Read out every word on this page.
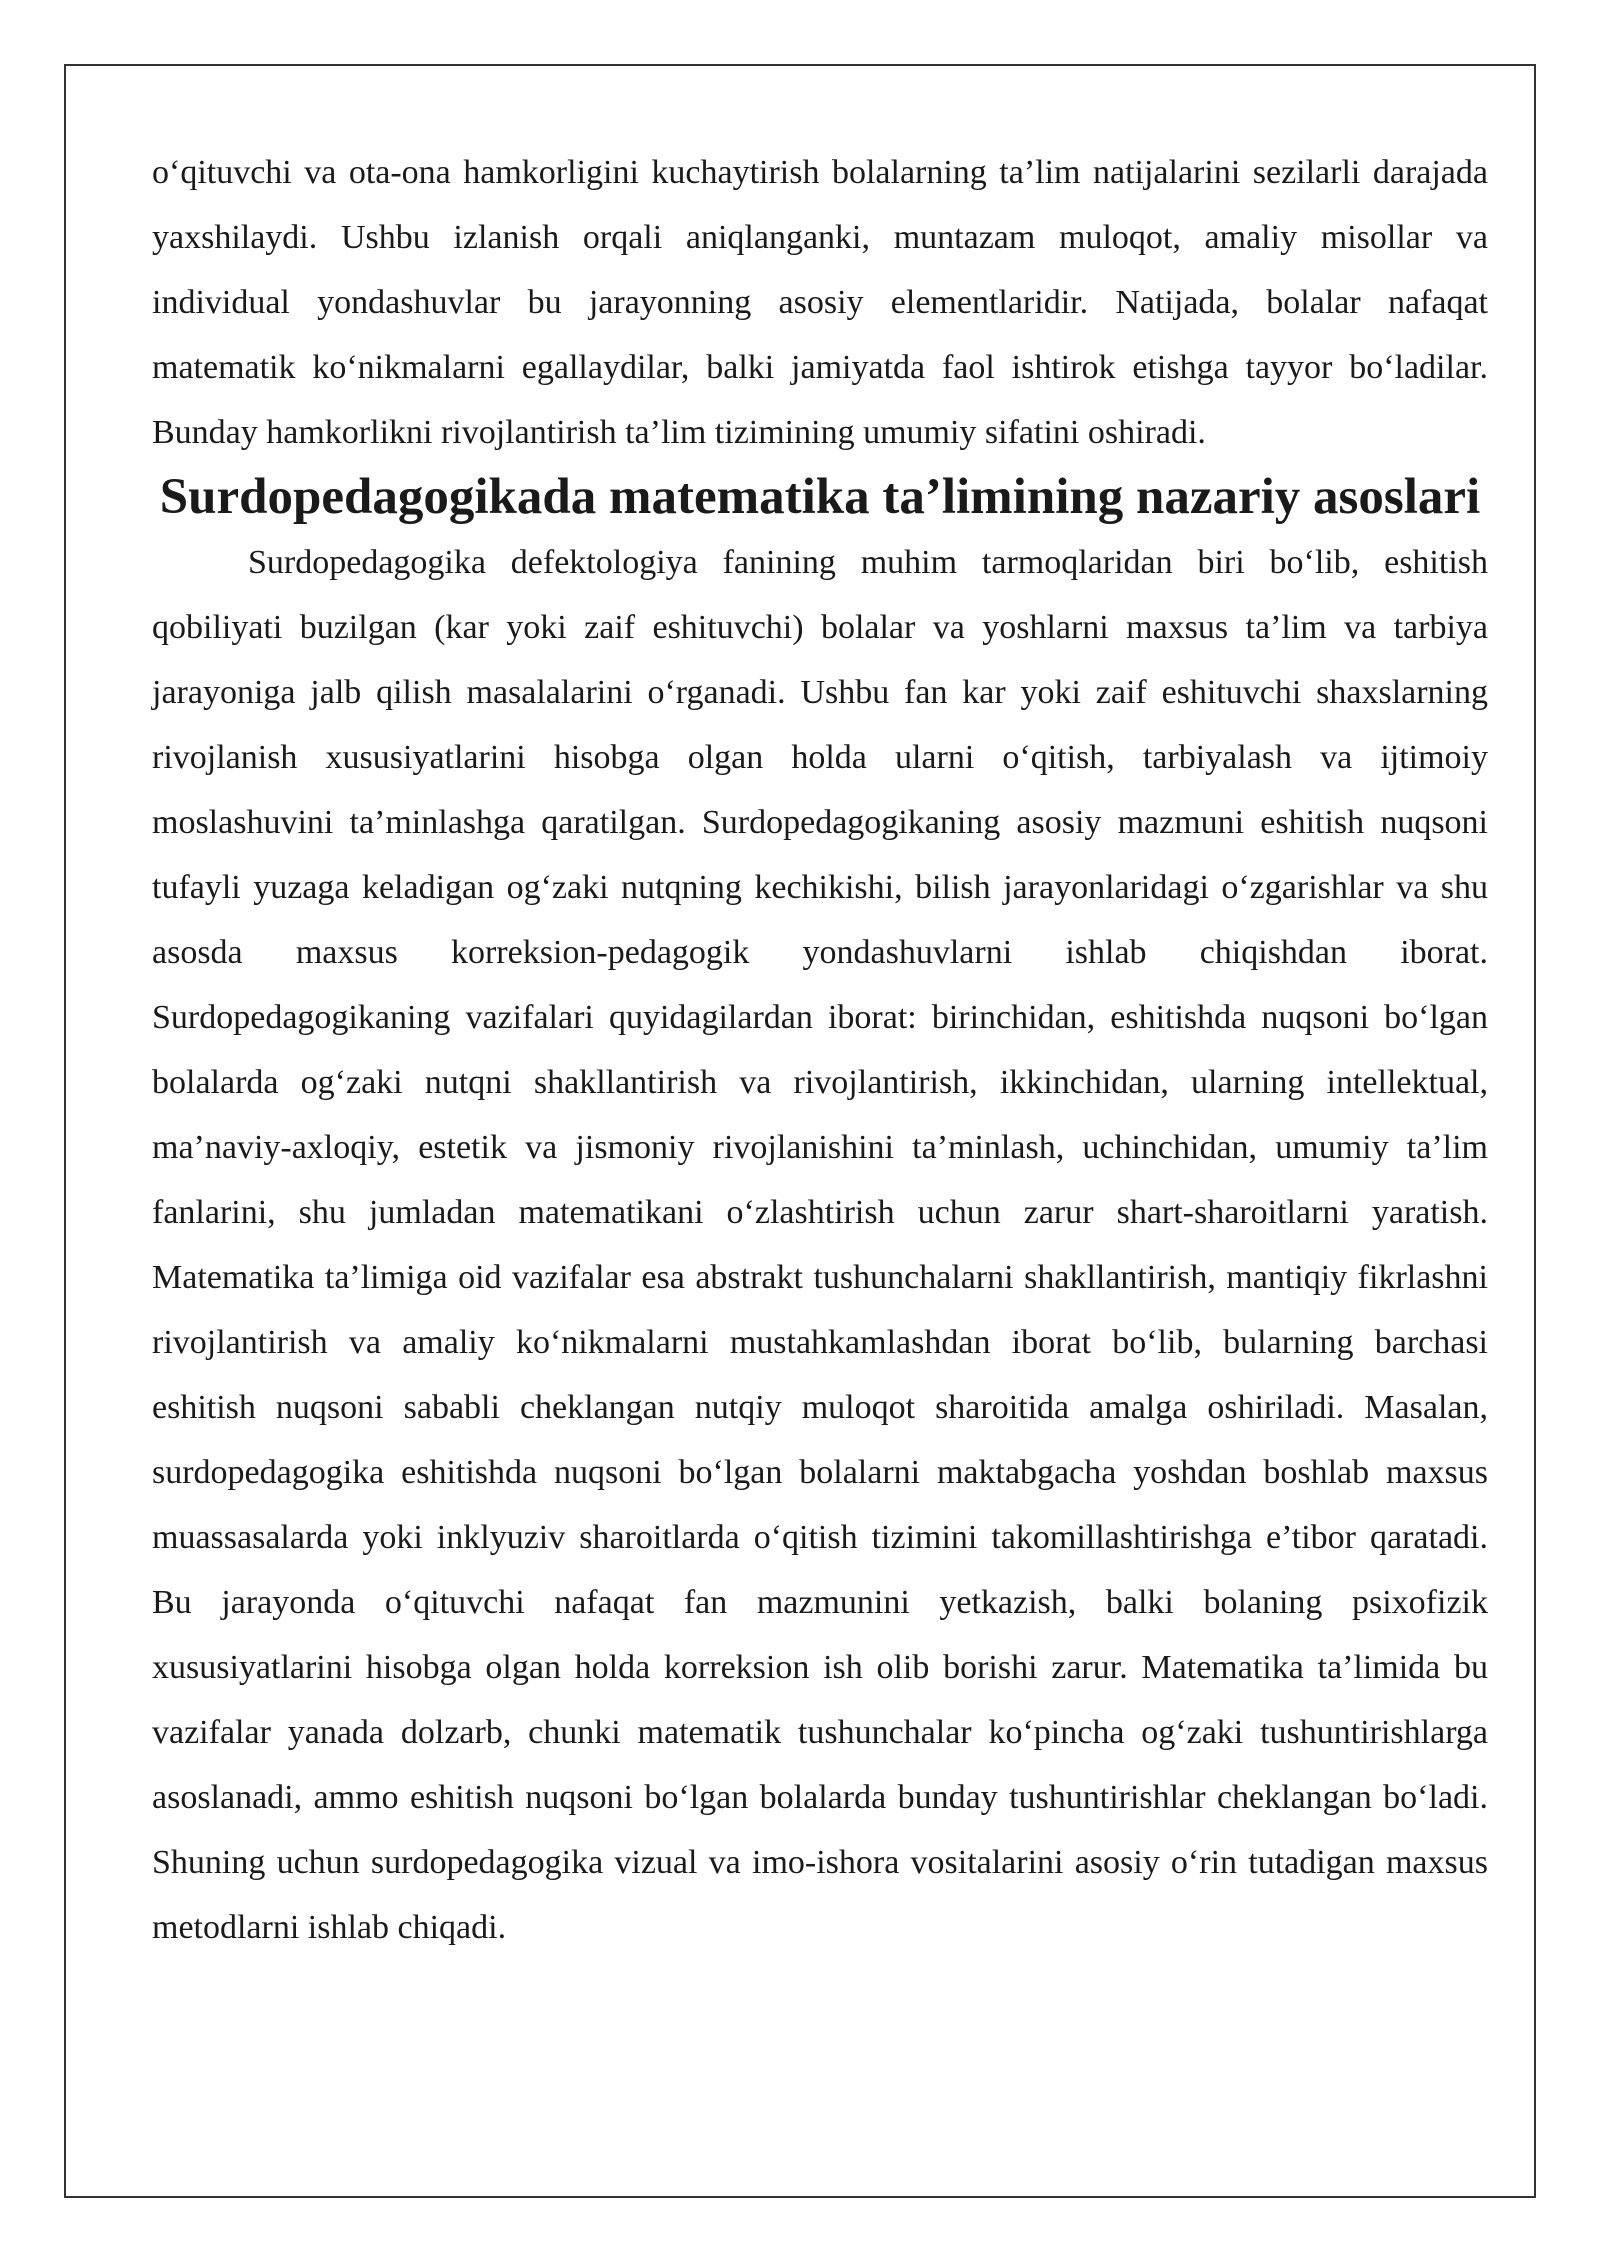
o‘qituvchi va ota-ona hamkorligini kuchaytirish bolalarning ta’lim natijalarini sezilarli darajada yaxshilaydi. Ushbu izlanish orqali aniqlanganki, muntazam muloqot, amaliy misollar va individual yondashuvlar bu jarayonning asosiy elementlaridir. Natijada, bolalar nafaqat matematik ko‘nikmalarni egallaydilar, balki jamiyatda faol ishtirok etishga tayyor bo‘ladilar. Bunday hamkorlikni rivojlantirish ta’lim tizimining umumiy sifatini oshiradi.

Surdopedagogikada matematika ta’limining nazariy asoslari

Surdopedagogika defektologiya fanining muhim tarmoqlaridan biri bo‘lib, eshitish qobiliyati buzilgan (kar yoki zaif eshituvchi) bolalar va yoshlarni maxsus ta’lim va tarbiya jarayoniga jalb qilish masalalarini o‘rganadi. Ushbu fan kar yoki zaif eshituvchi shaxslarning rivojlanish xususiyatlarini hisobga olgan holda ularni o‘qitish, tarbiyalash va ijtimoiy moslashuvini ta’minlashga qaratilgan. Surdopedagogikaning asosiy mazmuni eshitish nuqsoni tufayli yuzaga keladigan og‘zaki nutqning kechikishi, bilish jarayonlaridagi o‘zgarishlar va shu asosda maxsus korreksion-pedagogik yondashuvlarni ishlab chiqishdan iborat. Surdopedagogikaning vazifalari quyidagilardan iborat: birinchidan, eshitishda nuqsoni bo‘lgan bolalarda og‘zaki nutqni shakllantirish va rivojlantirish, ikkinchidan, ularning intellektual, ma’naviy-axloqiy, estetik va jismoniy rivojlanishini ta’minlash, uchinchidan, umumiy ta’lim fanlarini, shu jumladan matematikani o‘zlashtirish uchun zarur shart-sharoitlarni yaratish. Matematika ta’limiga oid vazifalar esa abstrakt tushunchalarni shakllantirish, mantiqiy fikrlashni rivojlantirish va amaliy ko‘nikmalarni mustahkamlashdan iborat bo‘lib, bularning barchasi eshitish nuqsoni sababli cheklangan nutqiy muloqot sharoitida amalga oshiriladi. Masalan, surdopedagogika eshitishda nuqsoni bo‘lgan bolalarni maktabgacha yoshdan boshlab maxsus muassasalarda yoki inklyuziv sharoitlarda o‘qitish tizimini takomillashtirishga e’tibor qaratadi. Bu jarayonda o‘qituvchi nafaqat fan mazmunini yetkazish, balki bolaning psixofizik xususiyatlarini hisobga olgan holda korreksion ish olib borishi zarur. Matematika ta’limida bu vazifalar yanada dolzarb, chunki matematik tushunchalar ko‘pincha og‘zaki tushuntirishlarga asoslanadi, ammo eshitish nuqsoni bo‘lgan bolalarda bunday tushuntirishlar cheklangan bo‘ladi. Shuning uchun surdopedagogika vizual va imo-ishora vositalarini asosiy o‘rin tutadigan maxsus metodlarni ishlab chiqadi.
